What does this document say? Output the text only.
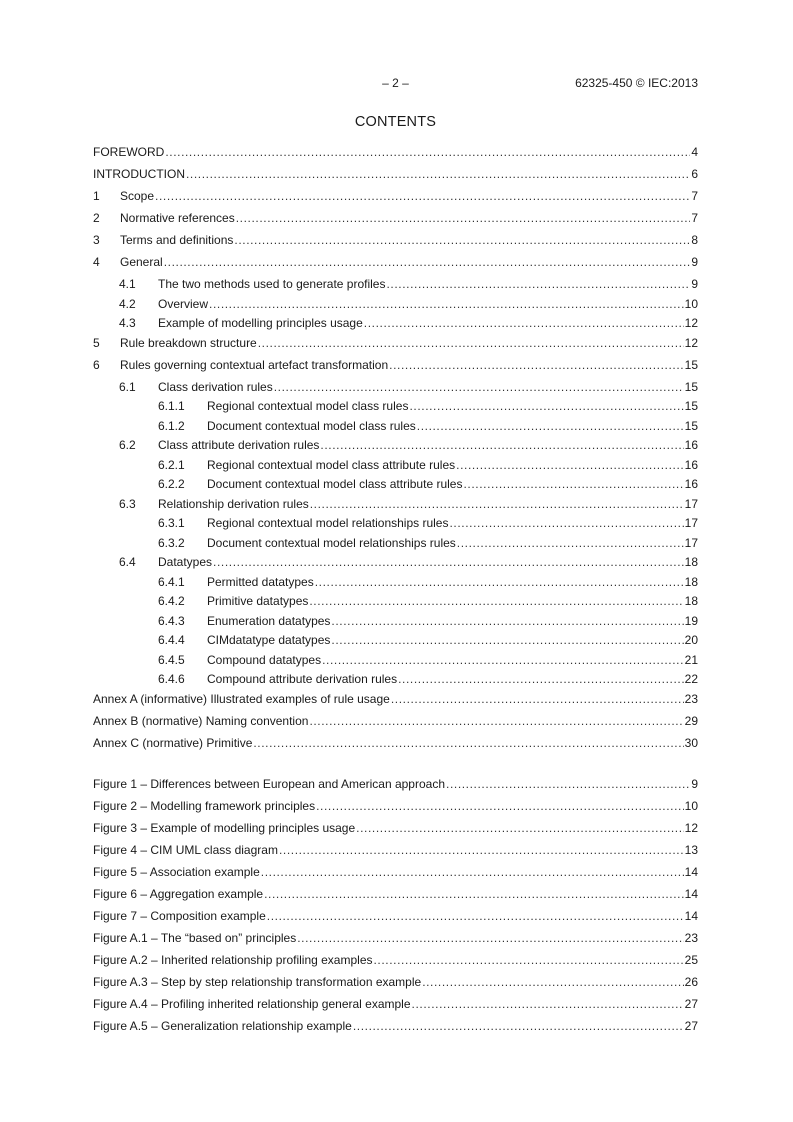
– 2 –	62325-450 © IEC:2013
CONTENTS
FOREWORD .....	4
INTRODUCTION .....	6
1	Scope .....	7
2	Normative references .....	7
3	Terms and definitions .....	8
4	General .....	9
4.1	The two methods used to generate profiles .....	9
4.2	Overview .....	10
4.3	Example of modelling principles usage .....	12
5	Rule breakdown structure .....	12
6	Rules governing contextual artefact transformation .....	15
6.1	Class derivation rules .....	15
6.1.1	Regional contextual model class rules .....	15
6.1.2	Document contextual model class rules .....	15
6.2	Class attribute derivation rules .....	16
6.2.1	Regional contextual model class attribute rules .....	16
6.2.2	Document contextual model class attribute rules .....	16
6.3	Relationship derivation rules .....	17
6.3.1	Regional contextual model relationships rules .....	17
6.3.2	Document contextual model relationships rules .....	17
6.4	Datatypes .....	18
6.4.1	Permitted datatypes .....	18
6.4.2	Primitive datatypes .....	18
6.4.3	Enumeration datatypes .....	19
6.4.4	CIMdatatype datatypes .....	20
6.4.5	Compound datatypes .....	21
6.4.6	Compound attribute derivation rules .....	22
Annex A (informative) Illustrated examples of rule usage .....	23
Annex B (normative) Naming convention .....	29
Annex C (normative) Primitive .....	30
Figure 1 – Differences between European and American approach .....	9
Figure 2 – Modelling framework principles .....	10
Figure 3 – Example of modelling principles usage .....	12
Figure 4 – CIM UML class diagram .....	13
Figure 5 – Association example .....	14
Figure 6 – Aggregation example .....	14
Figure 7 – Composition example .....	14
Figure A.1 – The “based on” principles .....	23
Figure A.2 – Inherited relationship profiling examples .....	25
Figure A.3 – Step by step relationship transformation example .....	26
Figure A.4 – Profiling inherited relationship general example .....	27
Figure A.5 – Generalization relationship example .....	27
